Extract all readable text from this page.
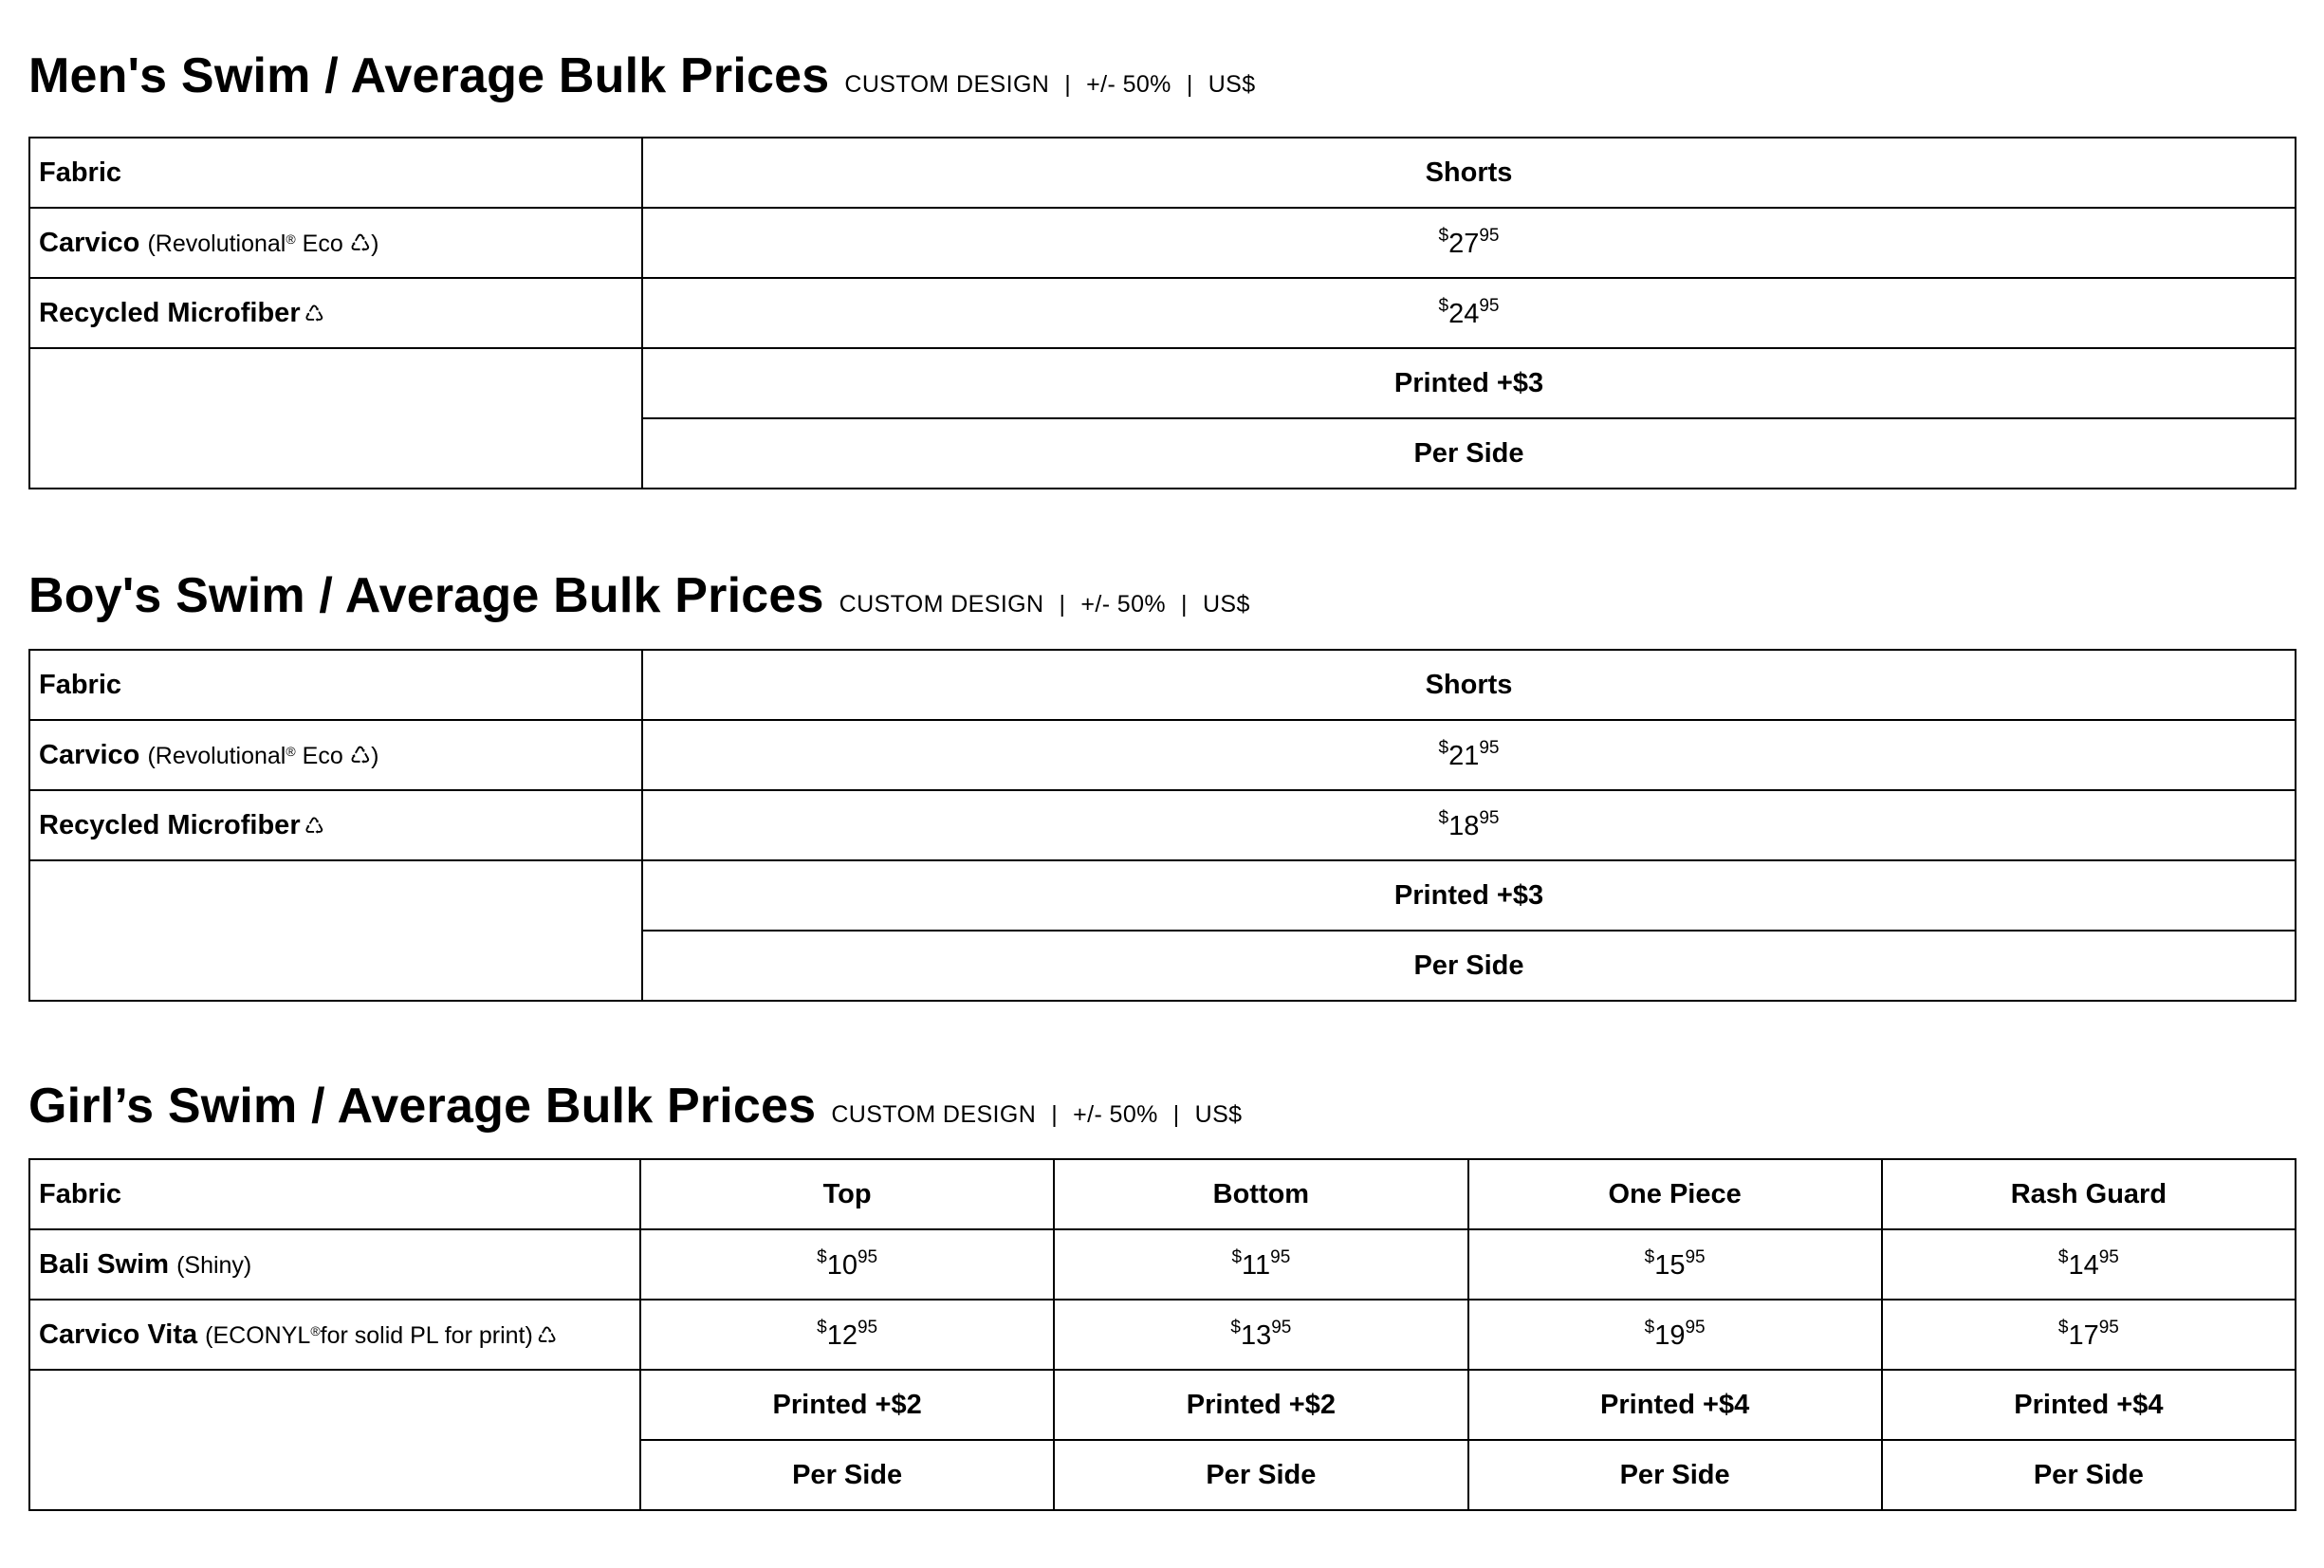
Men's Swim / Average Bulk Prices CUSTOM DESIGN | +/- 50% | US$
Fabric	Shorts
Carvico (Revolutional® Eco ♺)	$^{\$}27^{95}$
Recycled Microfiber ♺	$^{\$}24^{95}$
	Printed +$3
	Per Side
Boy's Swim / Average Bulk Prices CUSTOM DESIGN | +/- 50% | US$
Fabric	Shorts
Carvico (Revolutional® Eco ♺)	$^{\$}21^{95}$
Recycled Microfiber ♺	$^{\$}18^{95}$
	Printed +$3
	Per Side
Girl’s Swim / Average Bulk Prices CUSTOM DESIGN | +/- 50% | US$
Fabric	Top	Bottom	One Piece	Rash Guard
Bali Swim (Shiny)	$^{\$}10^{95}$	$^{\$}11^{95}$	$^{\$}15^{95}$	$^{\$}14^{95}$
Carvico Vita (ECONYL®for solid PL for print) ♺	$^{\$}12^{95}$	$^{\$}13^{95}$	$^{\$}19^{95}$	$^{\$}17^{95}$
	Printed +$2	Printed +$2	Printed +$4	Printed +$4
	Per Side	Per Side	Per Side	Per Side
